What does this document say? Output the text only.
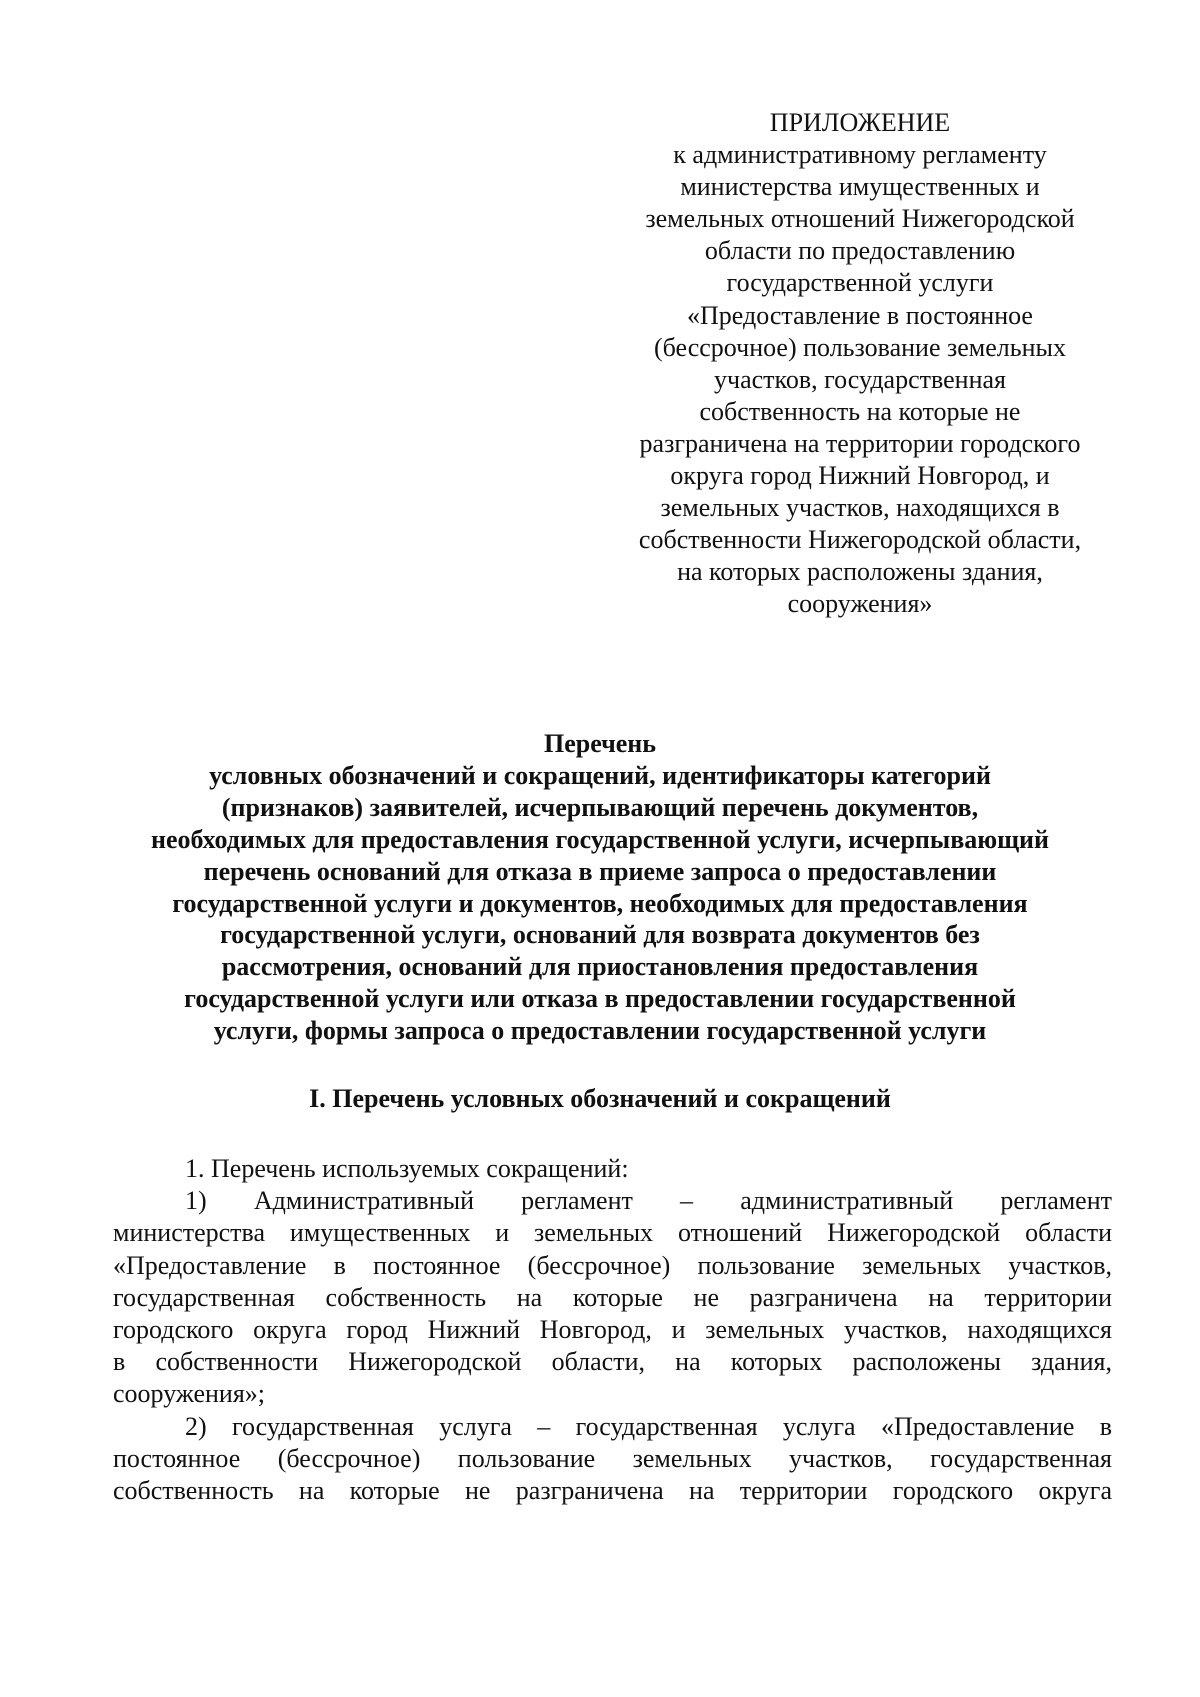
ПРИЛОЖЕНИЕ
к административному регламенту
министерства имущественных и
земельных отношений Нижегородской
области по предоставлению
государственной услуги
«Предоставление в постоянное
(бессрочное) пользование земельных
участков, государственная
собственность на которые не
разграничена на территории городского
округа город Нижний Новгород, и
земельных участков, находящихся в
собственности Нижегородской области,
на которых расположены здания,
сооружения»
Перечень
условных обозначений и сокращений, идентификаторы категорий
(признаков) заявителей, исчерпывающий перечень документов,
необходимых для предоставления государственной услуги, исчерпывающий
перечень оснований для отказа в приеме запроса о предоставлении
государственной услуги и документов, необходимых для предоставления
государственной услуги, оснований для возврата документов без
рассмотрения, оснований для приостановления предоставления
государственной услуги или отказа в предоставлении государственной
услуги, формы запроса о предоставлении государственной услуги
I. Перечень условных обозначений и сокращений
1. Перечень используемых сокращений:
1) Административный регламент – административный регламент
министерства имущественных и земельных отношений Нижегородской области
«Предоставление в постоянное (бессрочное) пользование земельных участков,
государственная собственность на которые не разграничена на территории
городского округа город Нижний Новгород, и земельных участков, находящихся
в собственности Нижегородской области, на которых расположены здания,
сооружения»;
2) государственная услуга – государственная услуга «Предоставление в
постоянное (бессрочное) пользование земельных участков, государственная
собственность на которые не разграничена на территории городского округа
